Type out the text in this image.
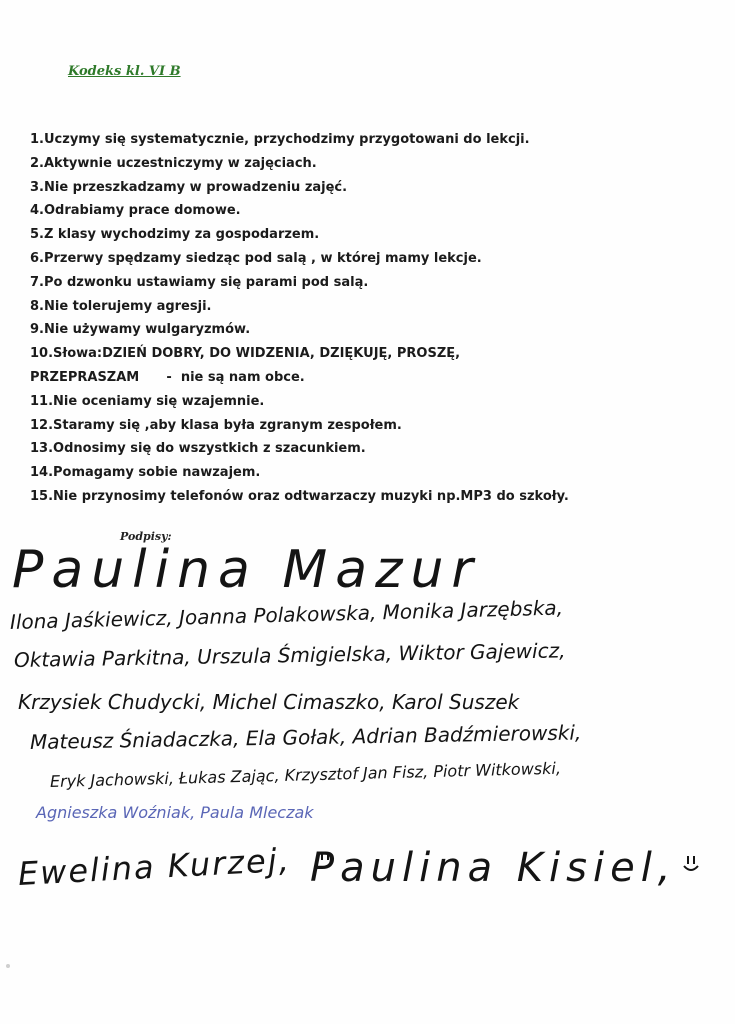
Kodeks kl. VI B
1.Uczymy się systematycznie, przychodzimy przygotowani do lekcji.
2.Aktywnie uczestniczymy w zajęciach.
3.Nie przeszkadzamy w prowadzeniu zajęć.
4.Odrabiamy prace domowe.
5.Z klasy wychodzimy za gospodarzem.
6.Przerwy spędzamy siedząc pod salą , w której mamy lekcje.
7.Po dzwonku ustawiamy się parami pod salą.
8.Nie tolerujemy agresji.
9.Nie używamy wulgaryzmów.
10.Słowa:DZIEŃ DOBRY, DO WIDZENIA, DZIĘKUJĘ, PROSZĘ,
PRZEPRASZAM      -  nie są nam obce.
11.Nie oceniamy się wzajemnie.
12.Staramy się ,aby klasa była zgranym zespołem.
13.Odnosimy się do wszystkich z szacunkiem.
14.Pomagamy sobie nawzajem.
15.Nie przynosimy telefonów oraz odtwarzaczy muzyki np.MP3 do szkoły.
Podpisy:
Paulina Mazur
Ilona Jaśkiewicz, Joanna Polakowska, Monika Jarzębska,
Oktawia Parkitna, Urszula Śmigielska, Wiktor Gajewicz,
Krzysiek Chudycki, Michel Cimaszko, Karol Suszek
Mateusz Śniadaczka, Ela Gołak, Adrian Badźmierowski,
Eryk Jachowski, Łukas Zając, Krzysztof Jan Fisz, Piotr Witkowski,
Agnieszka Woźniak, Paula Mleczak
Ewelina Kurzej, Paulina Kisiel,
